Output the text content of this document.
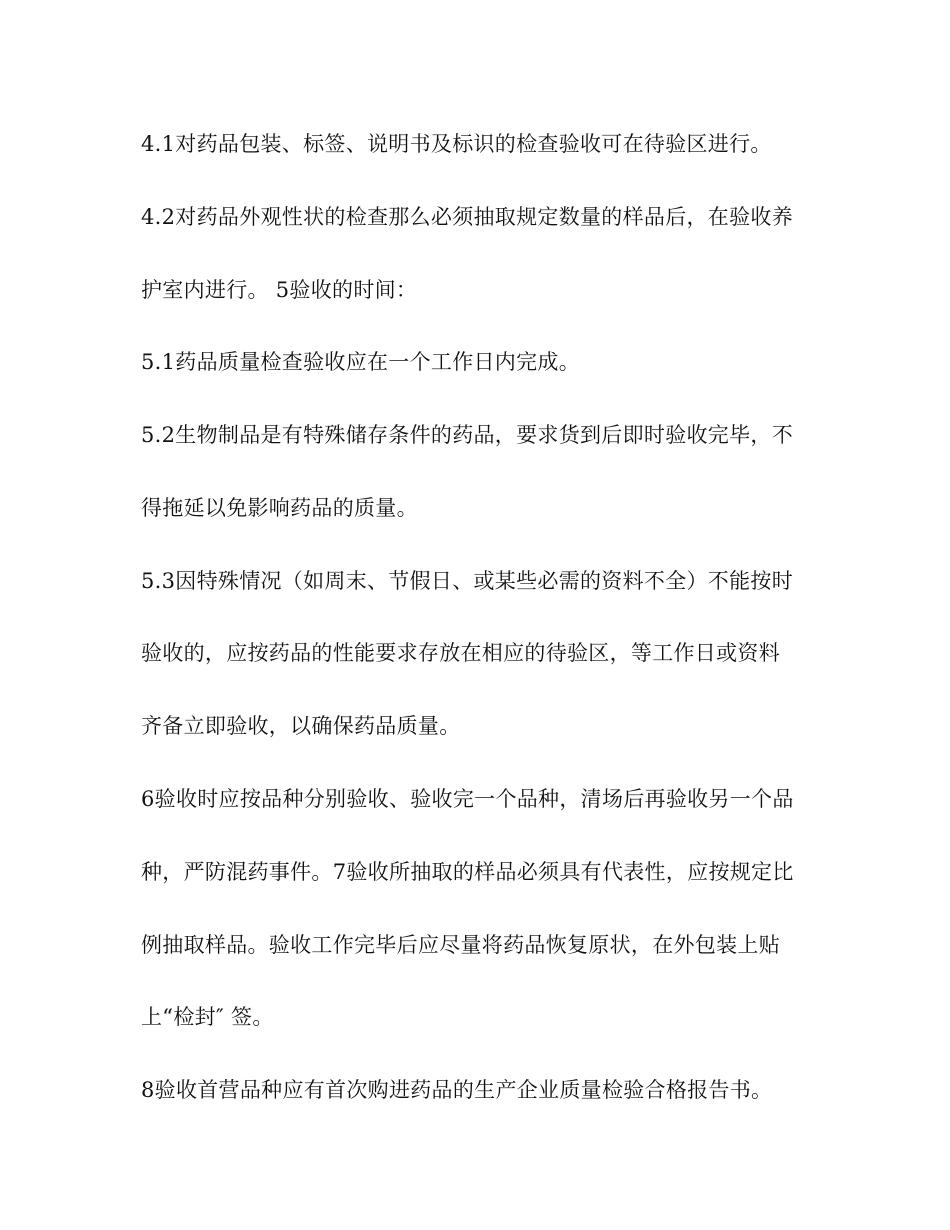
4.1对药品包装、标签、说明书及标识的检查验收可在待验区进行。
4.2对药品外观性状的检查那么必须抽取规定数量的样品后，在验收养
护室内进行。 5验收的时间：
5.1药品质量检查验收应在一个工作日内完成。
5.2生物制品是有特殊储存条件的药品，要求货到后即时验收完毕，不
得拖延以免影响药品的质量。
5.3因特殊情况（如周末、节假日、或某些必需的资料不全）不能按时
验收的，应按药品的性能要求存放在相应的待验区，等工作日或资料
齐备立即验收，以确保药品质量。
6验收时应按品种分别验收、验收完一个品种，清场后再验收另一个品
种，严防混药事件。7验收所抽取的样品必须具有代表性，应按规定比
例抽取样品。验收工作完毕后应尽量将药品恢复原状，在外包装上贴
上“检封″ 签。
8验收首营品种应有首次购进药品的生产企业质量检验合格报告书。
